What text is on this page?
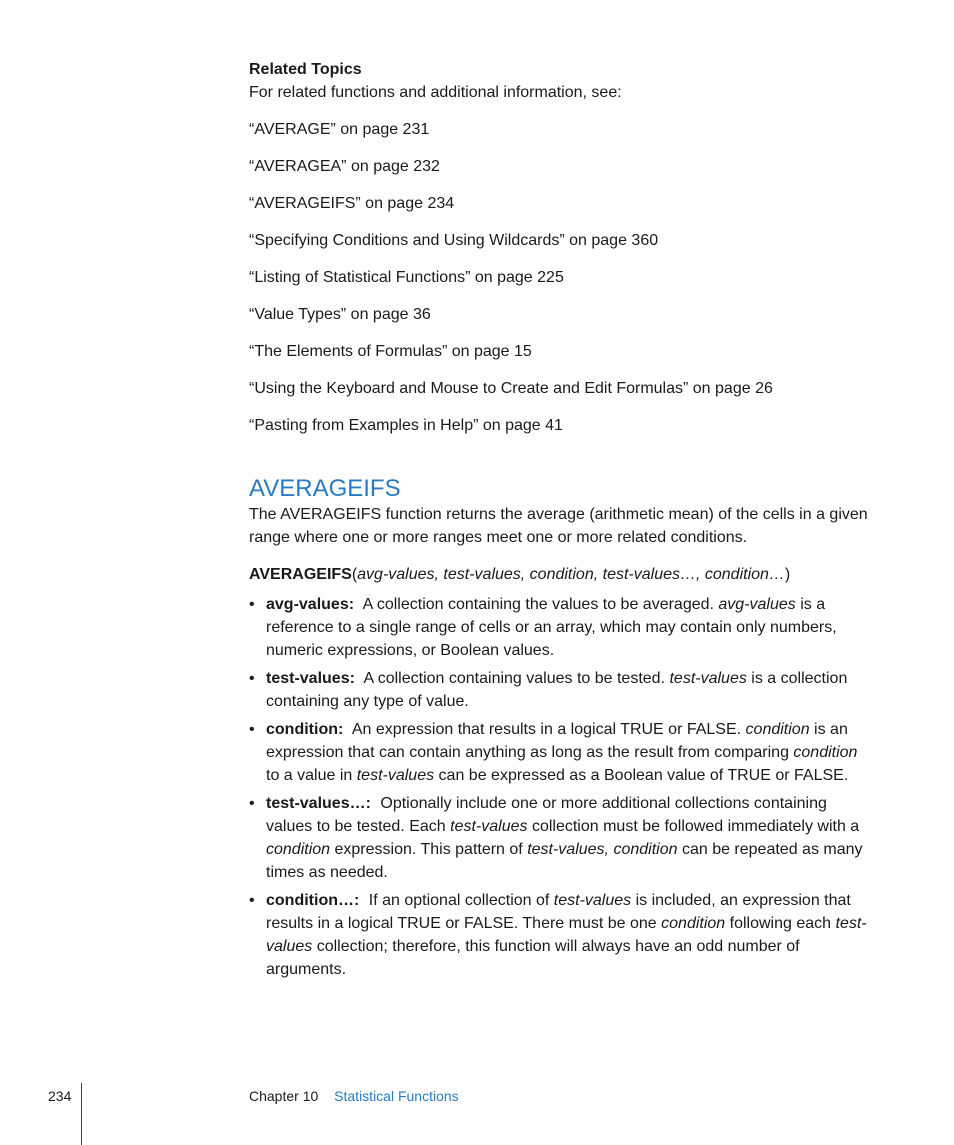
Related Topics

For related functions and additional information, see:

“AVERAGE” on page 231
“AVERAGEA” on page 232
“AVERAGEIFS” on page 234
“Specifying Conditions and Using Wildcards” on page 360
“Listing of Statistical Functions” on page 225
“Value Types” on page 36
“The Elements of Formulas” on page 15
“Using the Keyboard and Mouse to Create and Edit Formulas” on page 26
“Pasting from Examples in Help” on page 41
AVERAGEIFS

The AVERAGEIFS function returns the average (arithmetic mean) of the cells in a given range where one or more ranges meet one or more related conditions.

AVERAGEIFS(avg-values, test-values, condition, test-values…, condition…)

• avg-values: A collection containing the values to be averaged. avg-values is a reference to a single range of cells or an array, which may contain only numbers, numeric expressions, or Boolean values.
• test-values: A collection containing values to be tested. test-values is a collection containing any type of value.
• condition: An expression that results in a logical TRUE or FALSE. condition is an expression that can contain anything as long as the result from comparing condition to a value in test-values can be expressed as a Boolean value of TRUE or FALSE.
• test-values…: Optionally include one or more additional collections containing values to be tested. Each test-values collection must be followed immediately with a condition expression. This pattern of test-values, condition can be repeated as many times as needed.
• condition…: If an optional collection of test-values is included, an expression that results in a logical TRUE or FALSE. There must be one condition following each test-values collection; therefore, this function will always have an odd number of arguments.
234	Chapter 10 Statistical Functions
